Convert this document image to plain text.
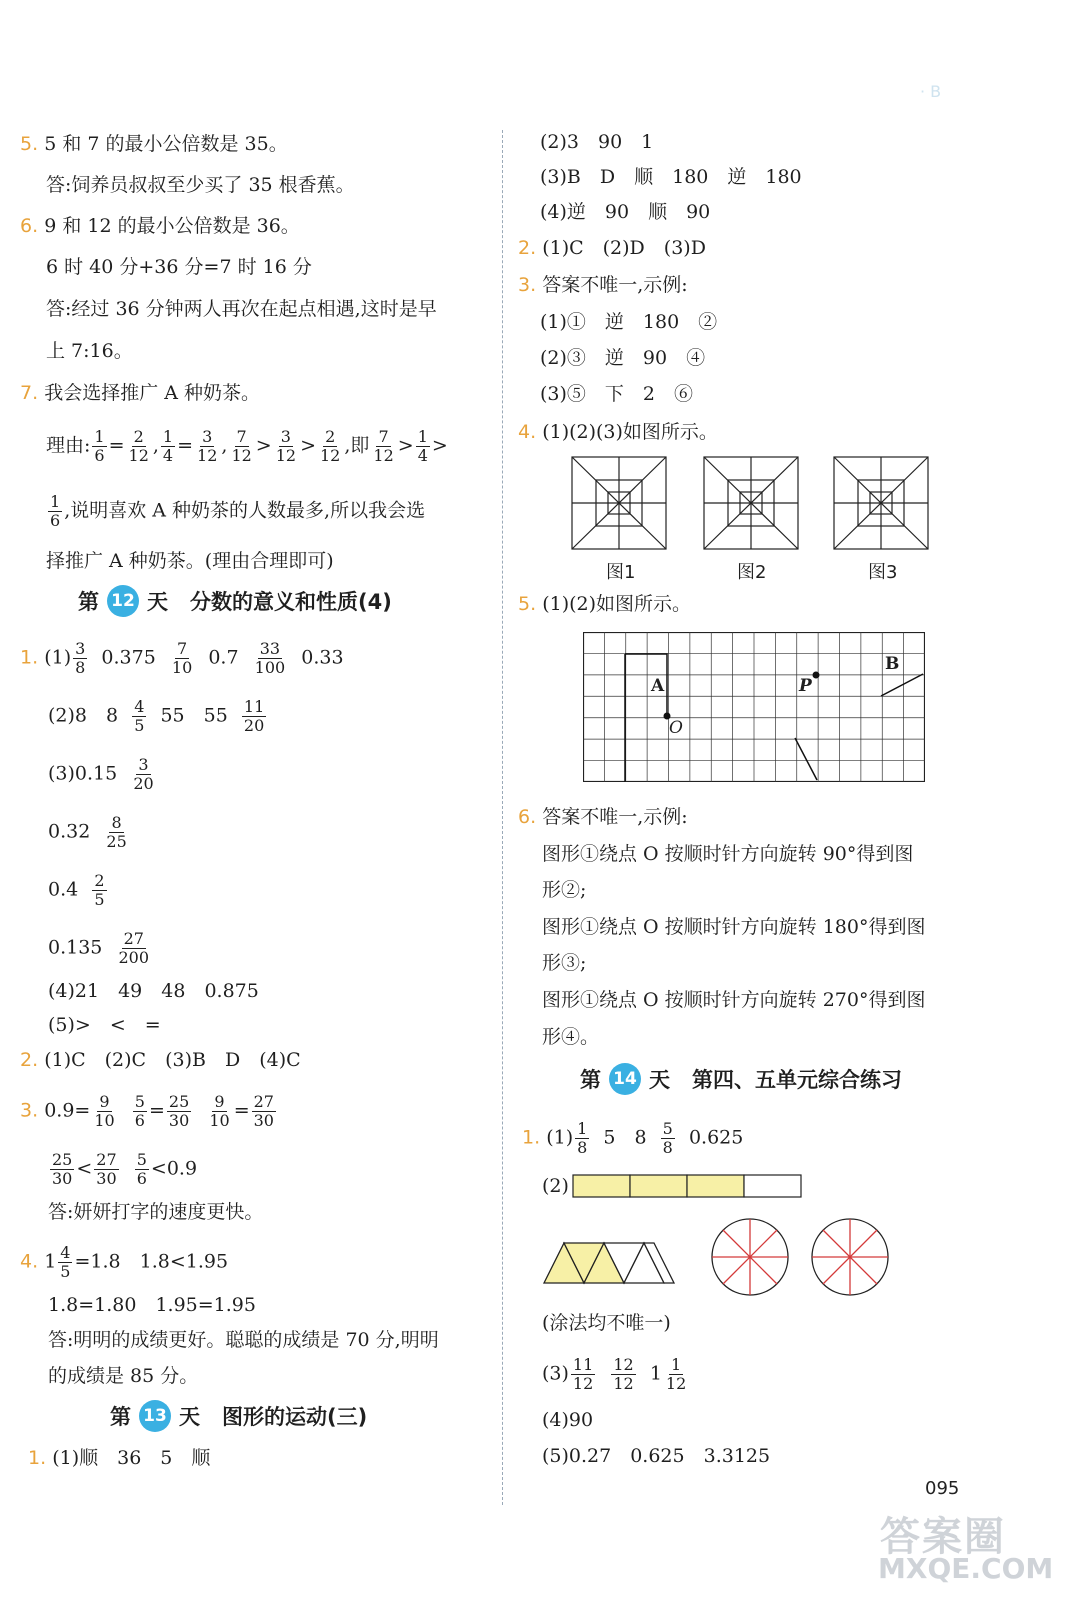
· B
5. 5 和 7 的最小公倍数是 35。
答:饲养员叔叔至少买了 35 根香蕉。
6. 9 和 12 的最小公倍数是 36。
6 时 40 分+36 分=7 时 16 分
答:经过 36 分钟两人再次在起点相遇,这时是早
上 7:16。
7. 我会选择推广 A 种奶茶。
理由: $\frac{1}{6} = \frac{2}{12}$ , $\frac{1}{4} = \frac{3}{12}$ , $\frac{7}{12} > \frac{3}{12} > \frac{2}{12}$ ,即 $\frac{7}{12} > \frac{1}{4}$ >
$\frac{1}{6}$ ,说明喜欢 A 种奶茶的人数最多,所以我会选
择推广 A 种奶茶。(理由合理即可)
第 12 天 分数的意义和性质(4)
1. $(1) \frac{3}{8} 0.375 \frac{7}{10} 0.7 \frac{33}{100} 0.33$
(2)8　$8 \frac{4}{5} 55$　$55 \frac{11}{20}$
$(3)0.15 \frac{3}{20}$
$0.32 \frac{8}{25}$
$0.4 \frac{2}{5}$
$0.135 \frac{27}{200}$
(4)21　49　48　0.875
(5)>　<　=
2. (1)C　(2)C　(3)B　D　(4)C
3. $0.9= \frac{9}{10}$
$\frac{5}{6} = \frac{25}{30}$
$\frac{9}{10} = \frac{27}{30}$
$\frac{25}{30} < \frac{27}{30}$
$\frac{5}{6} <0.9$
答:妍妍打字的速度更快。
4. $1 \frac{4}{5} =1.8$　1.8<1.95
1.8=1.80　1.95=1.95
答:明明的成绩更好。聪聪的成绩是 70 分,明明
的成绩是 85 分。
第 13 天 图形的运动(三)
1. (1)顺　36　5　顺
(2)3　90　1
(3)B　D　顺　180　逆　180
(4)逆　90　顺　90
2. (1)C　(2)D　(3)D
3. 答案不唯一,示例:
(1)①　逆　180　②
(2)③　逆　90　④
(3)⑤　下　2　⑥
4. (1)(2)(3)如图所示。
图1	图2	图3
5. (1)(2)如图所示。
A
O
P
B
6. 答案不唯一,示例:
图形①绕点 O 按顺时针方向旋转 90°得到图
形②;
图形①绕点 O 按顺时针方向旋转 180°得到图
形③;
图形①绕点 O 按顺时针方向旋转 270°得到图
形④。
第 14 天 第四、五单元综合练习
1. $(1) \frac{1}{8} 5$　$8 \frac{5}{8} 0.625$
(2)
(涂法均不唯一)
$(3) \frac{11}{12}$
$\frac{12}{12} 1 \frac{1}{12}$
(4)90
(5)0.27　0.625　3.3125
095
答案圈
MXQE.COM
